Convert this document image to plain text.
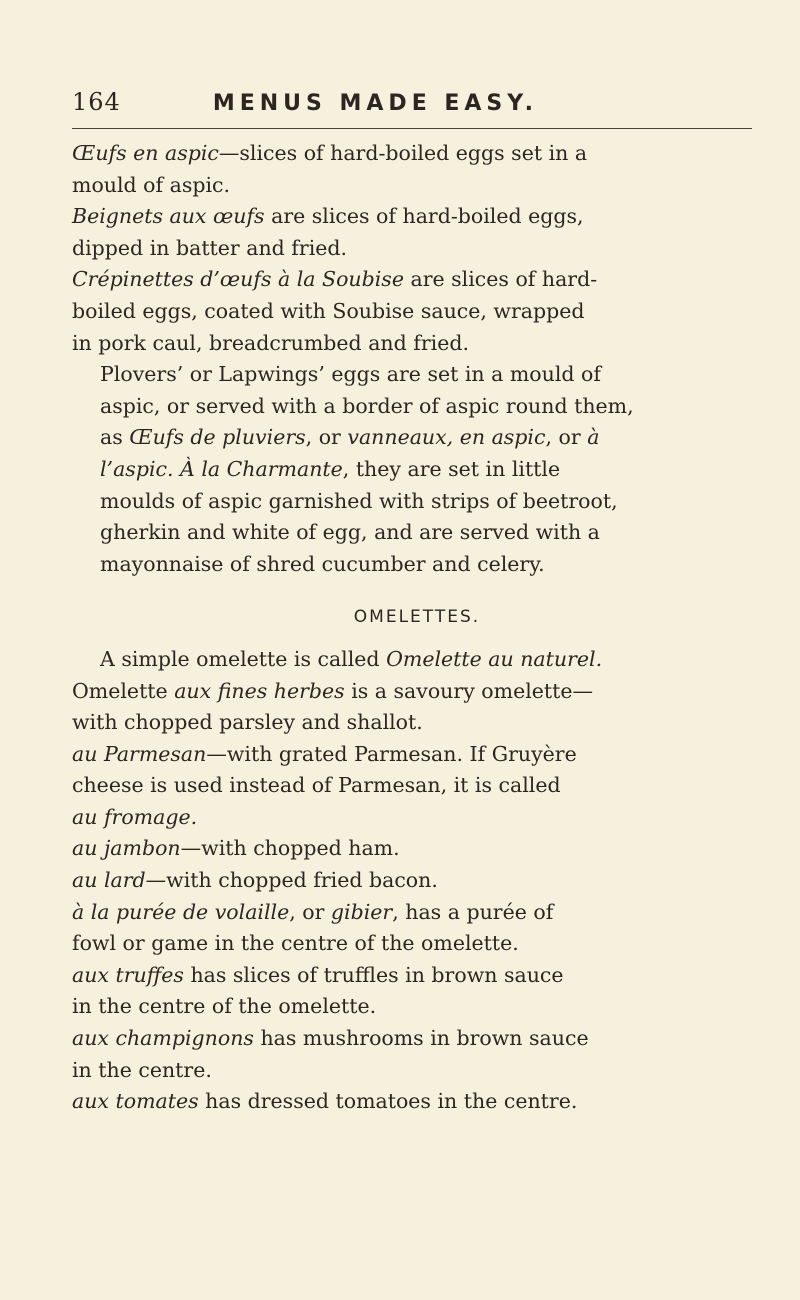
164	MENUS MADE EASY.

Œufs en aspic—slices of hard-boiled eggs set in a
mould of aspic.

Beignets aux œufs are slices of hard-boiled eggs,
dipped in batter and fried.

Crépinettes d’œufs à la Soubise are slices of hard-
boiled eggs, coated with Soubise sauce, wrapped
in pork caul, breadcrumbed and fried.

Plovers’ or Lapwings’ eggs are set in a mould of
aspic, or served with a border of aspic round them,
as Œufs de pluviers, or vanneaux, en aspic, or à
l’aspic. À la Charmante, they are set in little
moulds of aspic garnished with strips of beetroot,
gherkin and white of egg, and are served with a
mayonnaise of shred cucumber and celery.

OMELETTES.

A simple omelette is called Omelette au naturel.

Omelette aux fines herbes is a savoury omelette—
with chopped parsley and shallot.

au Parmesan—with grated Parmesan. If Gruyère
cheese is used instead of Parmesan, it is called
au fromage.

au jambon—with chopped ham.

au lard—with chopped fried bacon.

à la purée de volaille, or gibier, has a purée of
fowl or game in the centre of the omelette.

aux truffes has slices of truffles in brown sauce
in the centre of the omelette.

aux champignons has mushrooms in brown sauce
in the centre.

aux tomates has dressed tomatoes in the centre.
